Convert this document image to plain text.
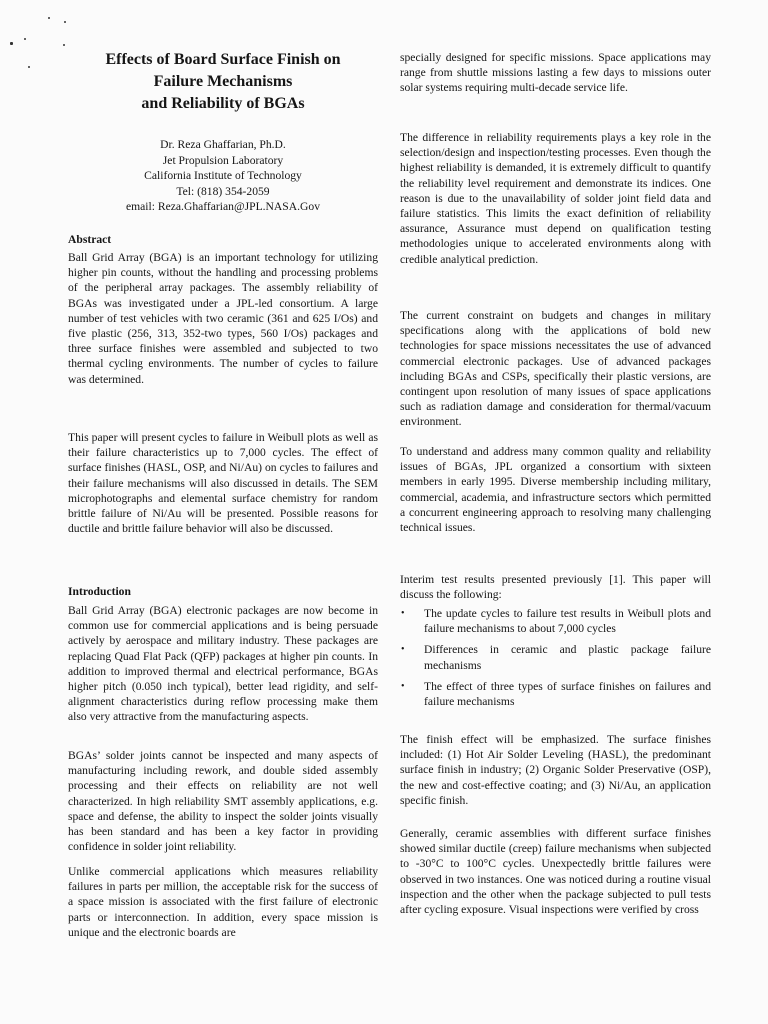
Effects of Board Surface Finish on
Failure Mechanisms
and Reliability of BGAs
Dr. Reza Ghaffarian, Ph.D.
Jet Propulsion Laboratory
California Institute of Technology
Tel: (818) 354-2059
email: Reza.Ghaffarian@JPL.NASA.Gov
Abstract

Ball Grid Array (BGA) is an important technology for utilizing higher pin counts, without the handling and processing problems of the peripheral array packages. The assembly reliability of BGAs was investigated under a JPL-led consortium. A large number of test vehicles with two ceramic (361 and 625 I/Os) and five plastic (256, 313, 352-two types, 560 I/Os) packages and three surface finishes were assembled and subjected to two thermal cycling environments. The number of cycles to failure was determined.

This paper will present cycles to failure in Weibull plots as well as their failure characteristics up to 7,000 cycles. The effect of surface finishes (HASL, OSP, and Ni/Au) on cycles to failures and their failure mechanisms will also discussed in details. The SEM microphotographs and elemental surface chemistry for random brittle failure of Ni/Au will be presented. Possible reasons for ductile and brittle failure behavior will also be discussed.

Introduction

Ball Grid Array (BGA) electronic packages are now become in common use for commercial applications and is being persuade actively by aerospace and military industry. These packages are replacing Quad Flat Pack (QFP) packages at higher pin counts. In addition to improved thermal and electrical performance, BGAs higher pitch (0.050 inch typical), better lead rigidity, and self-alignment characteristics during reflow processing make them also very attractive from the manufacturing aspects.

BGAs’ solder joints cannot be inspected and many aspects of manufacturing including rework, and double sided assembly processing and their effects on reliability are not well characterized. In high reliability SMT assembly applications, e.g. space and defense, the ability to inspect the solder joints visually has been standard and has been a key factor in providing confidence in solder joint reliability.

Unlike commercial applications which measures reliability failures in parts per million, the acceptable risk for the success of a space mission is associated with the first failure of electronic parts or interconnection. In addition, every space mission is unique and the electronic boards are

specially designed for specific missions. Space applications may range from shuttle missions lasting a few days to missions outer solar systems requiring multi-decade service life.

The difference in reliability requirements plays a key role in the selection/design and inspection/testing processes. Even though the highest reliability is demanded, it is extremely difficult to quantify the reliability level requirement and demonstrate its indices. One reason is due to the unavailability of solder joint field data and failure statistics. This limits the exact definition of reliability assurance, Assurance must depend on qualification testing methodologies unique to accelerated environments along with credible analytical prediction.

The current constraint on budgets and changes in military specifications along with the applications of bold new technologies for space missions necessitates the use of advanced commercial electronic packages. Use of advanced packages including BGAs and CSPs, specifically their plastic versions, are contingent upon resolution of many issues of space applications such as radiation damage and consideration for thermal/vacuum environment.

To understand and address many common quality and reliability issues of BGAs, JPL organized a consortium with sixteen members in early 1995. Diverse membership including military, commercial, academia, and infrastructure sectors which permitted a concurrent engineering approach to resolving many challenging technical issues.

Interim test results presented previously [1]. This paper will discuss the following:

• The update cycles to failure test results in Weibull plots and failure mechanisms to about 7,000 cycles
• Differences in ceramic and plastic package failure mechanisms
• The effect of three types of surface finishes on failures and failure mechanisms

The finish effect will be emphasized. The surface finishes included: (1) Hot Air Solder Leveling (HASL), the predominant surface finish in industry; (2) Organic Solder Preservative (OSP), the new and cost-effective coating; and (3) Ni/Au, an application specific finish.

Generally, ceramic assemblies with different surface finishes showed similar ductile (creep) failure mechanisms when subjected to -30°C to 100°C cycles. Unexpectedly brittle failures were observed in two instances. One was noticed during a routine visual inspection and the other when the package subjected to pull tests after cycling exposure. Visual inspections were verified by cross
